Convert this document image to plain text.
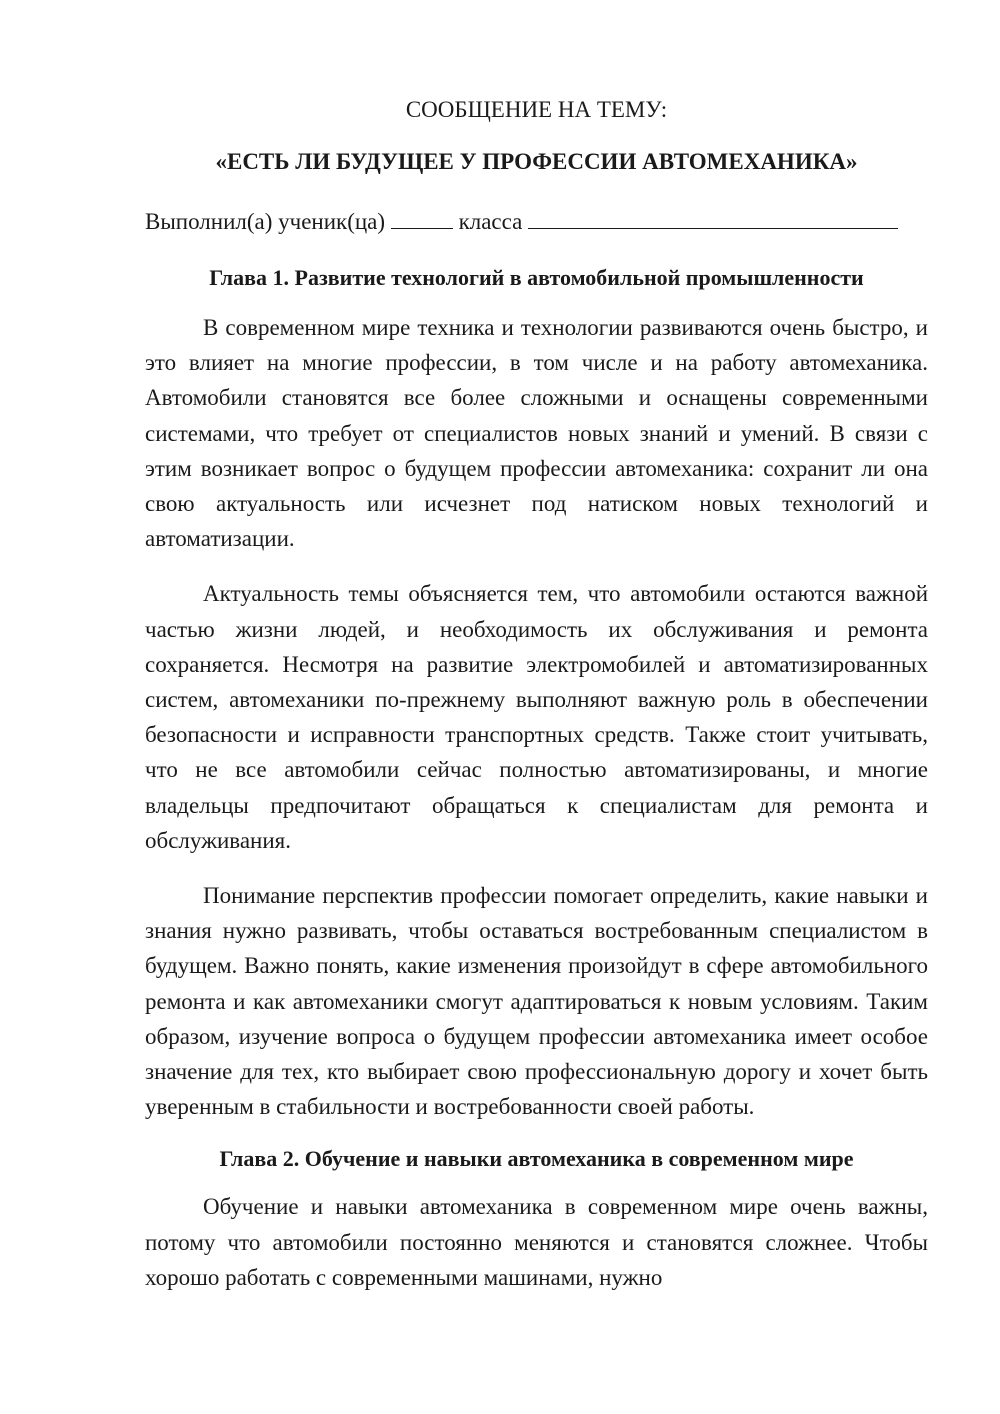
СООБЩЕНИЕ НА ТЕМУ:

«ЕСТЬ ЛИ БУДУЩЕЕ У ПРОФЕССИИ АВТОМЕХАНИКА»

Выполнил(а) ученик(ца)	класса

Глава 1. Развитие технологий в автомобильной промышленности

В современном мире техника и технологии развиваются очень быстро, и это влияет на многие профессии, в том числе и на работу автомеханика. Автомобили становятся все более сложными и оснащены современными системами, что требует от специалистов новых знаний и умений. В связи с этим возникает вопрос о будущем профессии автомеханика: сохранит ли она свою актуальность или исчезнет под натиском новых технологий и автоматизации.

Актуальность темы объясняется тем, что автомобили остаются важной частью жизни людей, и необходимость их обслуживания и ремонта сохраняется. Несмотря на развитие электромобилей и автоматизированных систем, автомеханики по-прежнему выполняют важную роль в обеспечении безопасности и исправности транспортных средств. Также стоит учитывать, что не все автомобили сейчас полностью автоматизированы, и многие владельцы предпочитают обращаться к специалистам для ремонта и обслуживания.

Понимание перспектив профессии помогает определить, какие навыки и знания нужно развивать, чтобы оставаться востребованным специалистом в будущем. Важно понять, какие изменения произойдут в сфере автомобильного ремонта и как автомеханики смогут адаптироваться к новым условиям. Таким образом, изучение вопроса о будущем профессии автомеханика имеет особое значение для тех, кто выбирает свою профессиональную дорогу и хочет быть уверенным в стабильности и востребованности своей работы.

Глава 2. Обучение и навыки автомеханика в современном мире

Обучение и навыки автомеханика в современном мире очень важны, потому что автомобили постоянно меняются и становятся сложнее. Чтобы хорошо работать с современными машинами, нужно
